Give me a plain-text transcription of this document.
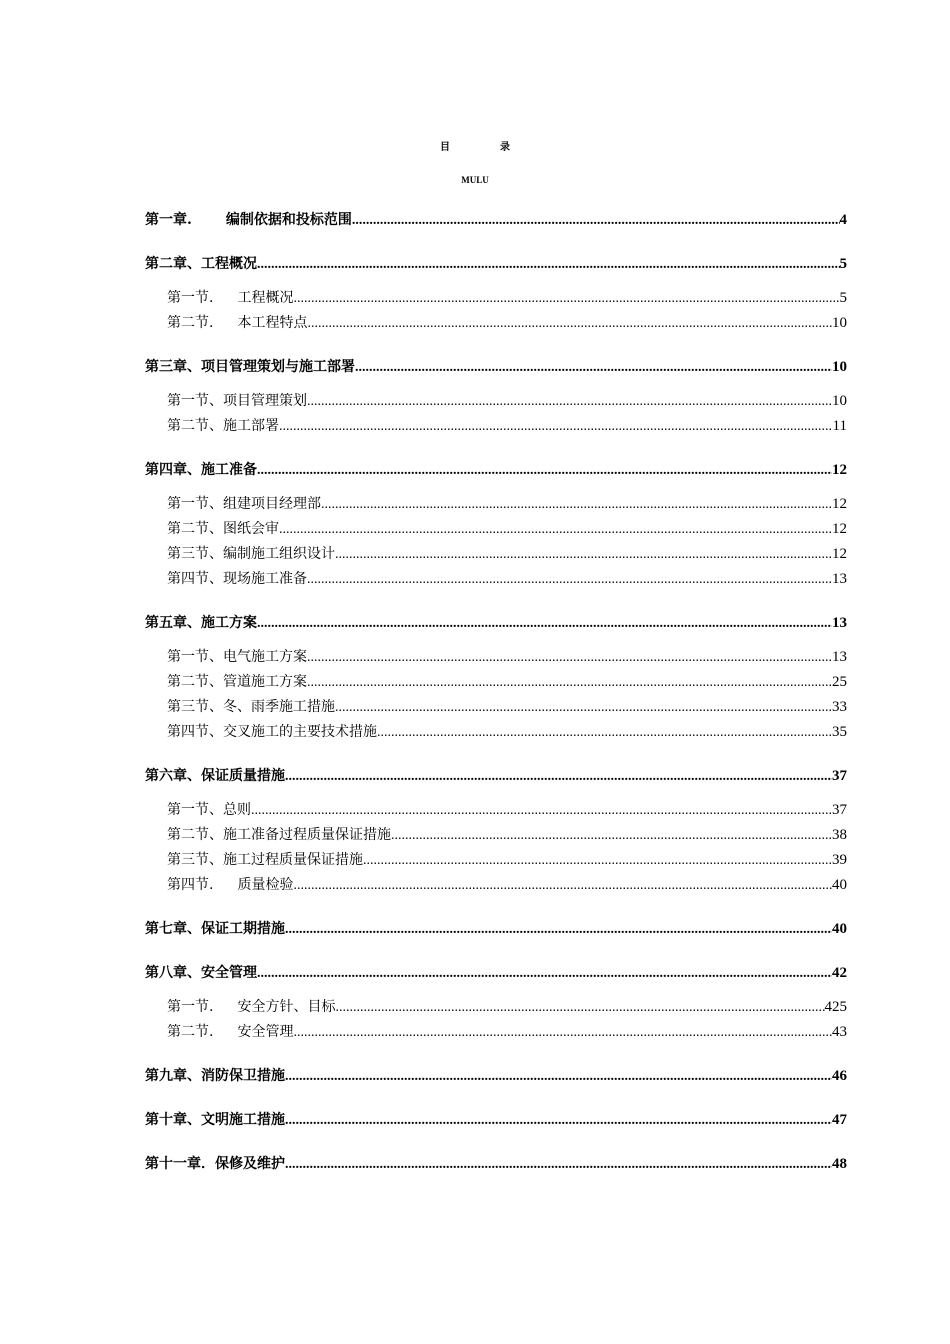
目	录
MULU
第一章. 编制依据和投标范围 .....	4
第二章、工程概况 .....	5
第一节. 工程概况 .....	5
第二节. 本工程特点 .....	10
第三章、项目管理策划与施工部署 .....	10
第一节、项目管理策划 .....	10
第二节、施工部署 .....	11
第四章、施工准备 .....	12
第一节、组建项目经理部 .....	12
第二节、图纸会审 .....	12
第三节、编制施工组织设计 .....	12
第四节、现场施工准备 .....	13
第五章、施工方案 .....	13
第一节、电气施工方案 .....	13
第二节、管道施工方案 .....	25
第三节、冬、雨季施工措施 .....	33
第四节、交叉施工的主要技术措施 .....	35
第六章、保证质量措施 .....	37
第一节、总则 .....	37
第二节、施工准备过程质量保证措施 .....	38
第三节、施工过程质量保证措施 .....	39
第四节. 质量检验 .....	40
第七章、保证工期措施 .....	40
第八章、安全管理 .....	42
第一节. 安全方针、目标 .....	425
第二节. 安全管理 .....	43
第九章、消防保卫措施 .....	46
第十章、文明施工措施 .....	47
第十一章．保修及维护 .....	48
